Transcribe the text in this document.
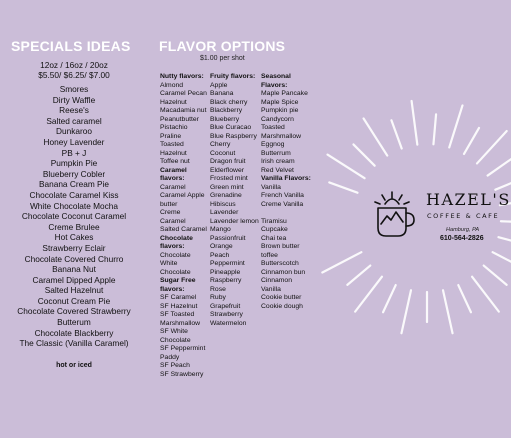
SPECIALS IDEAS FLAVOR OPTIONS
12oz / 16oz / 20oz
$5.50/ $6.25/ $7.00
Smores
Dirty Waffle
Reese's
Salted caramel
Dunkaroo
Honey Lavender
PB + J
Pumpkin Pie
Blueberry Cobler
Banana Cream Pie
Chocolate Caramel Kiss
White Chocolate Mocha
Chocolate Coconut Caramel
Creme Brulee
Hot Cakes
Strawberry Eclair
Chocolate Covered Churro
Banana Nut
Caramel Dipped Apple
Salted Hazelnut
Coconut Cream Pie
Chocolate Covered Strawberry
Butterum
Chocolate Blackberry
The Classic (Vanilla Caramel)
hot or iced
$1.00 per shot
Nutty flavors:
Almond
Caramel Pecan
Hazelnut
Macadamia nut
Peanutbutter
Pistachio
Praline
Toasted
Hazelnut
Toffee nut
Caramel
flavors:
Caramel
Caramel Apple
butter
Creme
Caramel
Salted Caramel
Chocolate
flavors:
Chocolate
White
Chocolate
Sugar Free
flavors:
SF Caramel
SF Hazelnut
SF Toasted
Marshmallow
SF White
Chocolate
SF Peppermint
Paddy
SF Peach
SF Strawberry
Fruity flavors:
Apple
Banana
Black cherry
Blackberry
Blueberry
Blue Curacao
Blue Raspberry
Cherry
Coconut
Dragon fruit
Elderflower
Frosted mint
Green mint
Grenadine
Hibiscus
Lavender
Lavender lemon
Mango
Passionfruit
Orange
Peach
Peppermint
Pineapple
Raspberry
Rose
Ruby
Grapefruit
Strawberry
Watermelon
Seasonal
Flavors:
Maple Pancake
Maple Spice
Pumpkin pie
Candycorn
Toasted
Marshmallow
Eggnog
Butterrum
Irish cream
Red Velvet
Vanilla Flavors:
Vanilla
French Vanilla
Creme Vanilla

Tiramisu
Cupcake
Chai tea
Brown butter
toffee
Butterscotch
Cinnamon bun
Cinnamon
Vanilla
Cookie butter
Cookie dough
HAZEL'S
COFFEE & CAFE
Hamburg, PA
610-564-2826
